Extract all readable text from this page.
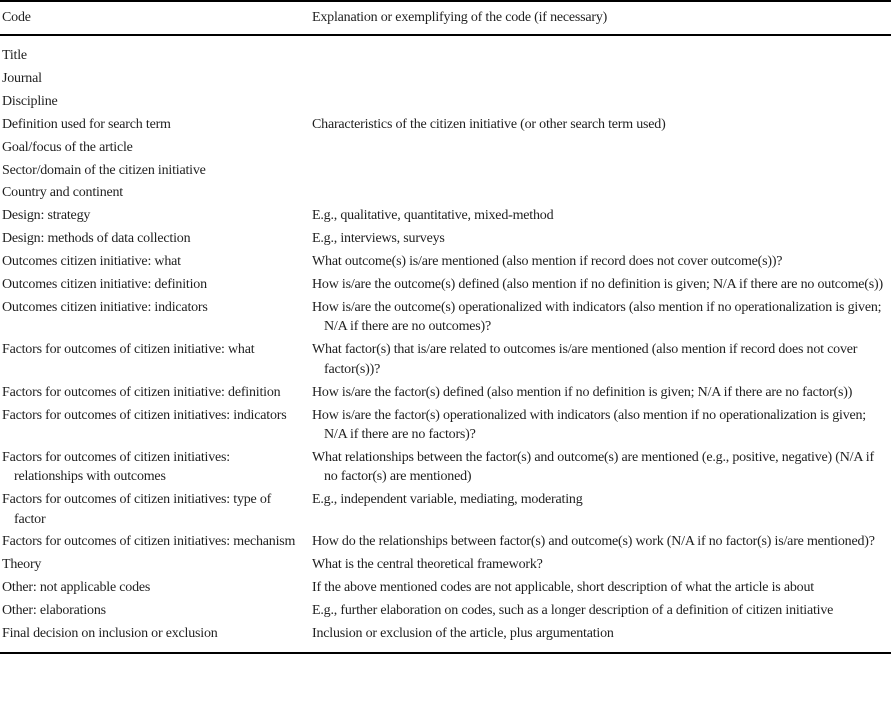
Code	Explanation or exemplifying of the code (if necessary)
Title	
Journal	
Discipline	
Definition used for search term	Characteristics of the citizen initiative (or other search term used)
Goal/focus of the article	
Sector/domain of the citizen initiative	
Country and continent	
Design: strategy	E.g., qualitative, quantitative, mixed-method
Design: methods of data collection	E.g., interviews, surveys
Outcomes citizen initiative: what	What outcome(s) is/are mentioned (also mention if record does not cover outcome(s))?
Outcomes citizen initiative: definition	How is/are the outcome(s) defined (also mention if no definition is given; N/A if there are no outcome(s))
Outcomes citizen initiative: indicators	How is/are the outcome(s) operationalized with indicators (also mention if no operationalization is given; N/A if there are no outcomes)?
Factors for outcomes of citizen initiative: what	What factor(s) that is/are related to outcomes is/are mentioned (also mention if record does not cover factor(s))?
Factors for outcomes of citizen initiative: definition	How is/are the factor(s) defined (also mention if no definition is given; N/A if there are no factor(s))
Factors for outcomes of citizen initiatives: indicators	How is/are the factor(s) operationalized with indicators (also mention if no operationalization is given; N/A if there are no factors)?
Factors for outcomes of citizen initiatives: relationships with outcomes	What relationships between the factor(s) and outcome(s) are mentioned (e.g., positive, negative) (N/A if no factor(s) are mentioned)
Factors for outcomes of citizen initiatives: type of factor	E.g., independent variable, mediating, moderating
Factors for outcomes of citizen initiatives: mechanism	How do the relationships between factor(s) and outcome(s) work (N/A if no factor(s) is/are mentioned)?
Theory	What is the central theoretical framework?
Other: not applicable codes	If the above mentioned codes are not applicable, short description of what the article is about
Other: elaborations	E.g., further elaboration on codes, such as a longer description of a definition of citizen initiative
Final decision on inclusion or exclusion	Inclusion or exclusion of the article, plus argumentation
